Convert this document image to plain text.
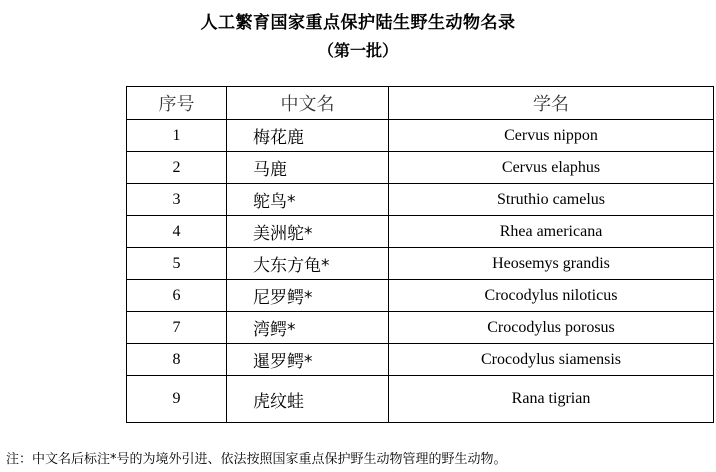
人工繁育国家重点保护陆生野生动物名录
（第一批）
序号	中文名	学名
1	梅花鹿	Cervus nippon
2	马鹿	Cervus elaphus
3	鸵鸟*	Struthio camelus
4	美洲鸵*	Rhea americana
5	大东方龟*	Heosemys grandis
6	尼罗鳄*	Crocodylus niloticus
7	湾鳄*	Crocodylus porosus
8	暹罗鳄*	Crocodylus siamensis
9	虎纹蛙	Rana tigrian
注：中文名后标注*号的为境外引进、依法按照国家重点保护野生动物管理的野生动物。
